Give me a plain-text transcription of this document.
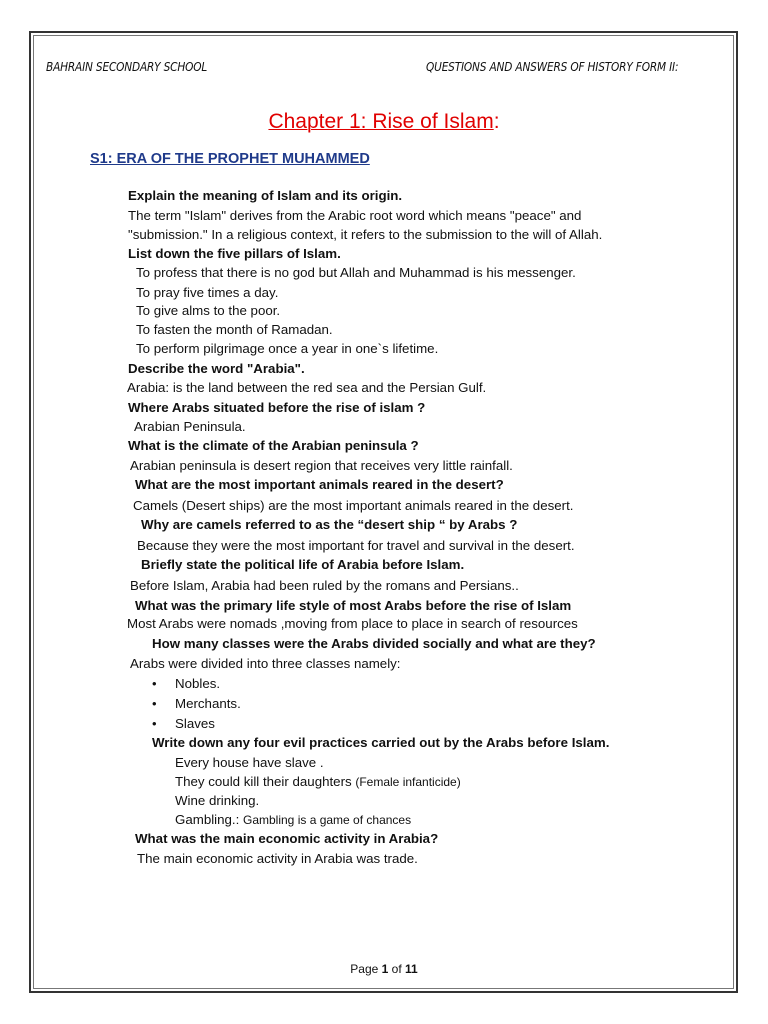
BAHRAIN SECONDARY SCHOOL	QUESTIONS AND ANSWERS OF HISTORY FORM II:
Chapter 1: Rise of Islam:
S1: ERA OF THE PROPHET MUHAMMED
Explain the meaning of Islam and its origin.
The term "Islam" derives from the Arabic root word which means "peace" and
"submission." In a religious context, it refers to the submission to the will of Allah.
List down the five pillars of Islam.
To profess that there is no god but Allah and Muhammad is his messenger.
To pray five times a day.
To give alms to the poor.
To fasten the month of Ramadan.
To perform pilgrimage once a year in one`s lifetime.
Describe the word "Arabia".
Arabia: is the land between the red sea and the Persian Gulf.
Where Arabs situated before the rise of islam ?
Arabian Peninsula.
What is the climate of the Arabian peninsula ?
Arabian peninsula is desert region that receives very little rainfall.
What are the most important animals reared in the desert?
Camels (Desert ships) are the most important animals reared in the desert.
Why are camels referred to as the “desert ship “ by Arabs ?
Because they were the most important for travel and survival in the desert.
Briefly state the political life of Arabia before Islam.
Before Islam, Arabia had been ruled by the romans and Persians..
What was the primary life style of most Arabs before the rise of Islam
Most Arabs were nomads ,moving from place to place in search of resources
How many classes were the Arabs divided socially and what are they?
Arabs were divided into three classes namely:
• Nobles.
• Merchants.
• Slaves
Write down any four evil practices carried out by the Arabs before Islam.
Every house have slave .
They could kill their daughters (Female infanticide)
Wine drinking.
Gambling.: Gambling is a game of chances
What was the main economic activity in Arabia?
The main economic activity in Arabia was trade.
Page 1 of 11
